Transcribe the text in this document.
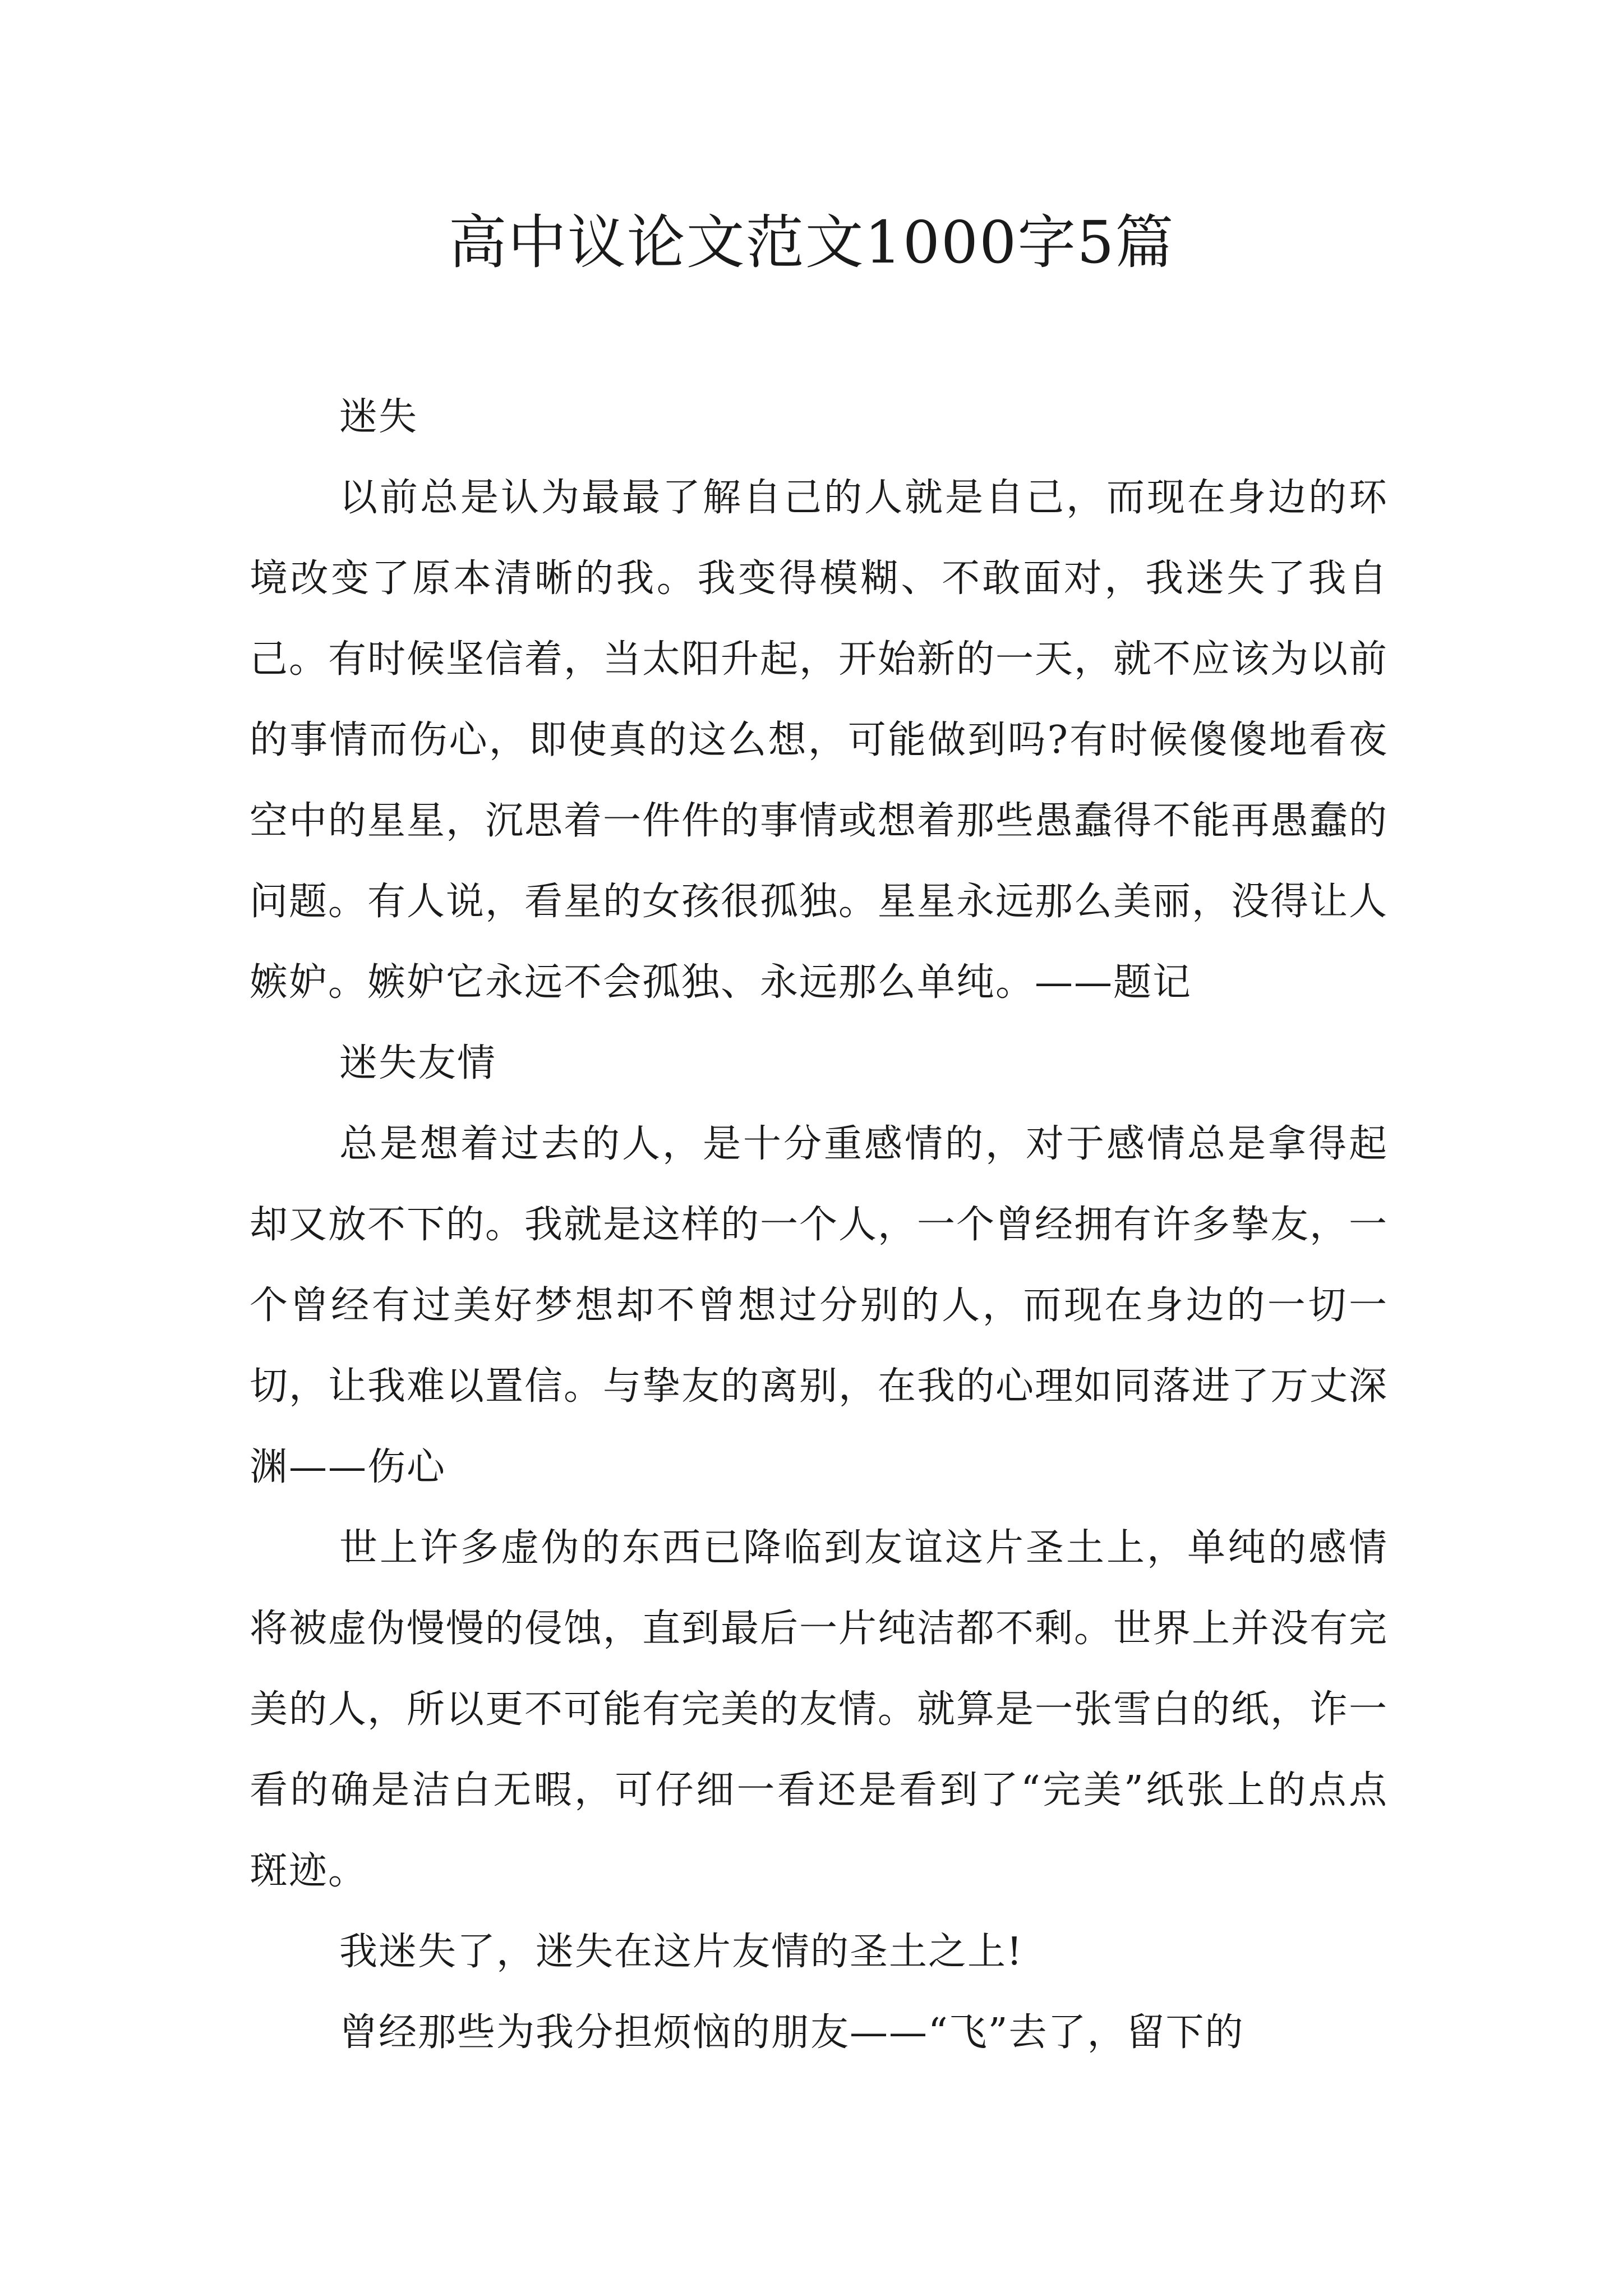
高中议论文范文1000字5篇

迷失

以前总是认为最最了解自己的人就是自己，而现在身边的环境改变了原本清晰的我。我变得模糊、不敢面对，我迷失了我自己。有时候坚信着，当太阳升起，开始新的一天，就不应该为以前的事情而伤心，即使真的这么想，可能做到吗?有时候傻傻地看夜空中的星星，沉思着一件件的事情或想着那些愚蠢得不能再愚蠢的问题。有人说，看星的女孩很孤独。星星永远那么美丽，没得让人嫉妒。嫉妒它永远不会孤独、永远那么单纯。——题记

迷失友情

总是想着过去的人，是十分重感情的，对于感情总是拿得起却又放不下的。我就是这样的一个人，一个曾经拥有许多挚友，一个曾经有过美好梦想却不曾想过分别的人，而现在身边的一切一切，让我难以置信。与挚友的离别，在我的心理如同落进了万丈深渊——伤心

世上许多虚伪的东西已降临到友谊这片圣土上，单纯的感情将被虚伪慢慢的侵蚀，直到最后一片纯洁都不剩。世界上并没有完美的人，所以更不可能有完美的友情。就算是一张雪白的纸，诈一看的确是洁白无暇，可仔细一看还是看到了“完美”纸张上的点点斑迹。

我迷失了，迷失在这片友情的圣土之上!

曾经那些为我分担烦恼的朋友——“飞”去了，留下的
